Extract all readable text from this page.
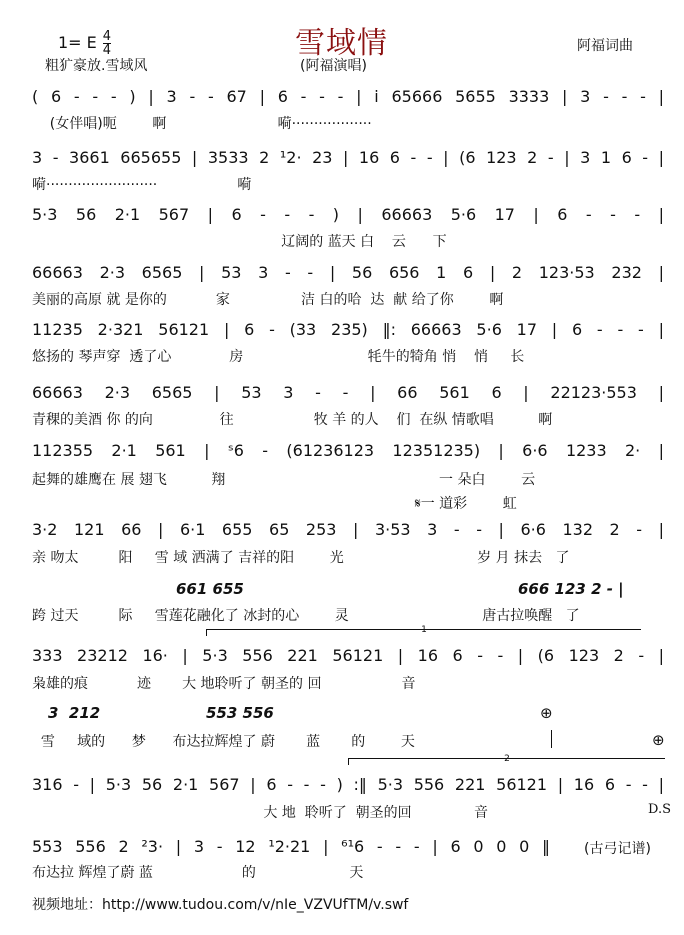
雪域情
1= E $\frac{4}{4}$	阿福词曲
粗犷豪放.雪域风	(阿福演唱)
( 6 - - - ) | 3 - - 67 | 6 - - - | i 65666 5655 3333 | 3 - - - |
(女伴唱)呃        啊                         嗬··················
3 - 3661 665655 | 3533 2 ¹2· 23 | 16 6 - - | (6 123 2 - | 3 1 6 - |
嗬·························                  嗬
5·3 56 2·1 567 | 6 - - - ) | 66663 5·6 17 | 6 - - - |
辽阔的 蓝天 白    云      下
66663 2·3 6565 | 53 3 - - | 56 656 1 6 | 2 123·53 232 |
美丽的高原 就 是你的           家                洁 白的哈  达  献 给了你        啊
11235 2·321 56121 | 6 - (33 235) ‖: 66663 5·6 17 | 6 - - - |
悠扬的 琴声穿  透了心             房                            牦牛的犄角 悄    悄     长
66663 2·3 6565 | 53 3 - - | 66 561 6 | 22123·553 |
青稞的美酒 你 的向               往                  牧 羊 的人    们  在纵 情歌唱          啊
112355 2·1 561 | ˢ6 - (61236123 12351235) | 6·6 1233 2· |
起舞的雄鹰在 展 翅飞          翔                                                一 朵白        云
𝄋一 道彩        虹
3·2 121 66 | 6·1 655 65 253 | 3·53 3 - - | 6·6 132 2 - |
亲 吻太         阳     雪 域 洒满了 吉祥的阳        光                              岁 月 抹去   了
661 655	666 123 2 - |
跨 过天         际     雪莲花融化了 冰封的心        灵                              唐古拉唤醒   了
1
333 23212 16· | 5·3 556 221 56121 | 16 6 - - | (6 123 2 - |
枭雄的痕           迹       大 地聆听了 朝圣的 回                  音
3  212	553 556	⊕
雪     域的      梦      布达拉辉煌了 蔚       蓝       的        天	⊕
2
316 - | 5·3 56 2·1 567 | 6 - - - ) :‖ 5·3 556 221 56121 | 16 6 - - |
大 地  聆听了  朝圣的回              音	D.S
553 556 2 ²3· | 3 - 12 ¹2·21 | ⁶¹6 - - - | 6 0 0 0 ‖ (古弓记谱)
布达拉 辉煌了蔚 蓝                    的                     天
视频地址：http://www.tudou.com/v/nIe_VZVUfTM/v.swf
